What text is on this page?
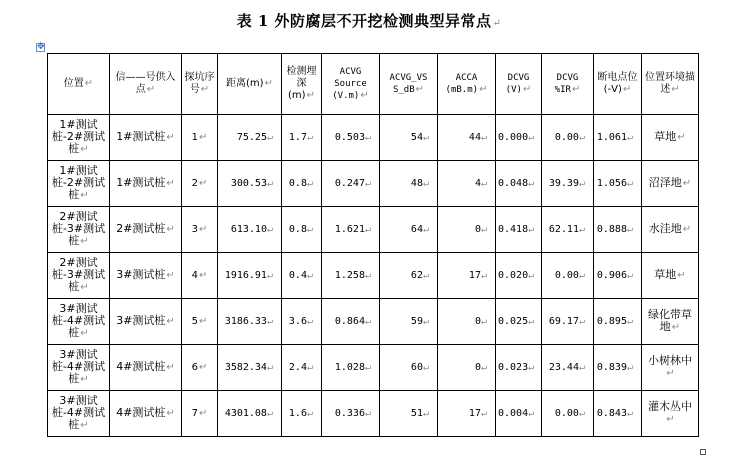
表 1 外防腐层不开挖检测典型异常点↵
✥
位置↵	信——号供入点↵	探坑序号↵	距离(m)↵	检测埋深(m)↵	ACVG Source (V.m)↵	ACVG_VS S_dB↵	ACCA (mB.m)↵	DCVG (V)↵	DCVG %IR↵	断电点位(-V)↵	位置环境描述↵
1#测试桩-2#测试桩↵	1#测试桩↵	1↵	75.25↵	1.7↵	0.503↵	54↵	44↵	0.000↵	0.00↵	1.061↵	草地↵
1#测试桩-2#测试桩↵	1#测试桩↵	2↵	300.53↵	0.8↵	0.247↵	48↵	4↵	0.048↵	39.39↵	1.056↵	沼泽地↵
2#测试桩-3#测试桩↵	2#测试桩↵	3↵	613.10↵	0.8↵	1.621↵	64↵	0↵	0.418↵	62.11↵	0.888↵	水洼地↵
2#测试桩-3#测试桩↵	3#测试桩↵	4↵	1916.91↵	0.4↵	1.258↵	62↵	17↵	0.020↵	0.00↵	0.906↵	草地↵
3#测试桩-4#测试桩↵	3#测试桩↵	5↵	3186.33↵	3.6↵	0.864↵	59↵	0↵	0.025↵	69.17↵	0.895↵	绿化带草地↵
3#测试桩-4#测试桩↵	4#测试桩↵	6↵	3582.34↵	2.4↵	1.028↵	60↵	0↵	0.023↵	23.44↵	0.839↵	小树林中↵
3#测试桩-4#测试桩↵	4#测试桩↵	7↵	4301.08↵	1.6↵	0.336↵	51↵	17↵	0.004↵	0.00↵	0.843↵	灌木丛中↵
